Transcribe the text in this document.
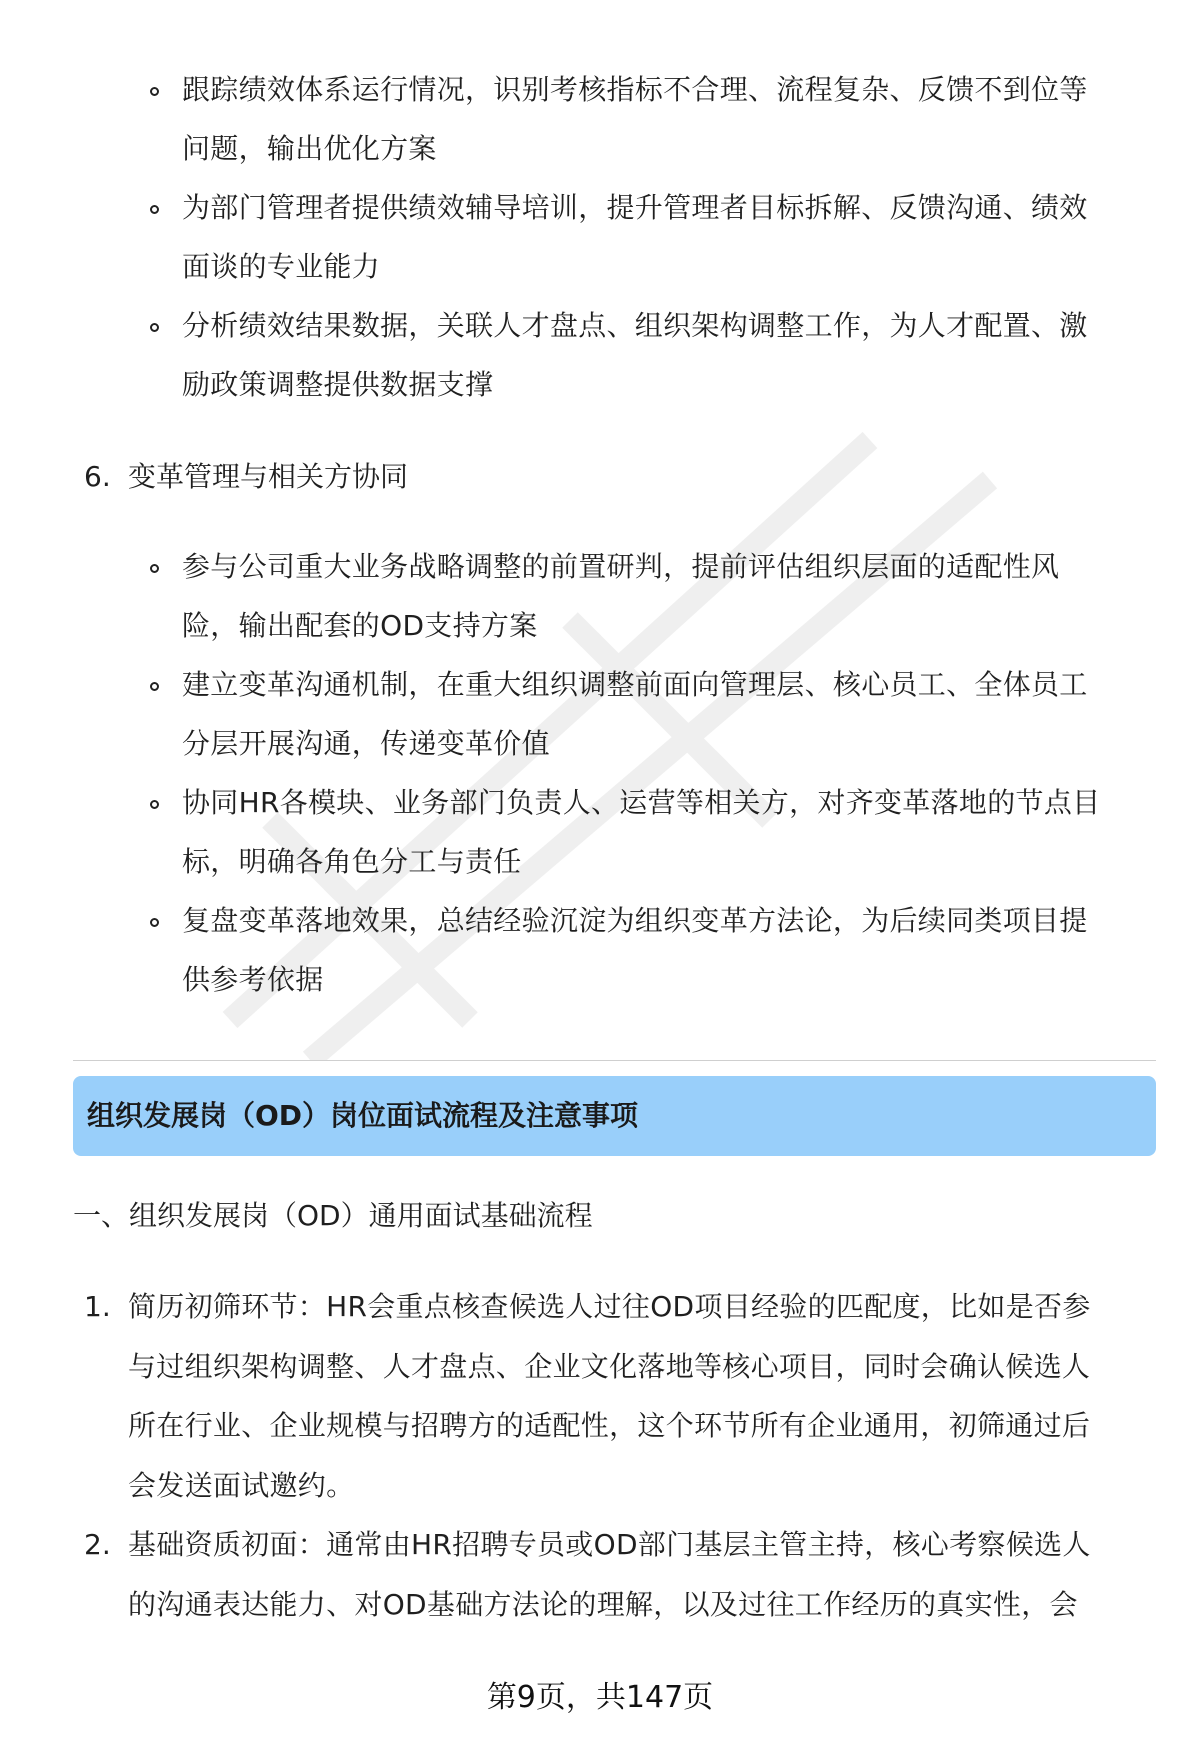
跟踪绩效体系运行情况，识别考核指标不合理、流程复杂、反馈不到位等
问题，输出优化方案
为部门管理者提供绩效辅导培训，提升管理者目标拆解、反馈沟通、绩效
面谈的专业能力
分析绩效结果数据，关联人才盘点、组织架构调整工作，为人才配置、激
励政策调整提供数据支撑
6. 变革管理与相关方协同
参与公司重大业务战略调整的前置研判，提前评估组织层面的适配性风
险，输出配套的OD支持方案
建立变革沟通机制，在重大组织调整前面向管理层、核心员工、全体员工
分层开展沟通，传递变革价值
协同HR各模块、业务部门负责人、运营等相关方，对齐变革落地的节点目
标，明确各角色分工与责任
复盘变革落地效果，总结经验沉淀为组织变革方法论，为后续同类项目提
供参考依据
组织发展岗（OD）岗位面试流程及注意事项
一、组织发展岗（OD）通用面试基础流程
1. 简历初筛环节：HR会重点核查候选人过往OD项目经验的匹配度，比如是否参
与过组织架构调整、人才盘点、企业文化落地等核心项目，同时会确认候选人
所在行业、企业规模与招聘方的适配性，这个环节所有企业通用，初筛通过后
会发送面试邀约。
2. 基础资质初面：通常由HR招聘专员或OD部门基层主管主持，核心考察候选人
的沟通表达能力、对OD基础方法论的理解，以及过往工作经历的真实性，会
第9页，共147页
